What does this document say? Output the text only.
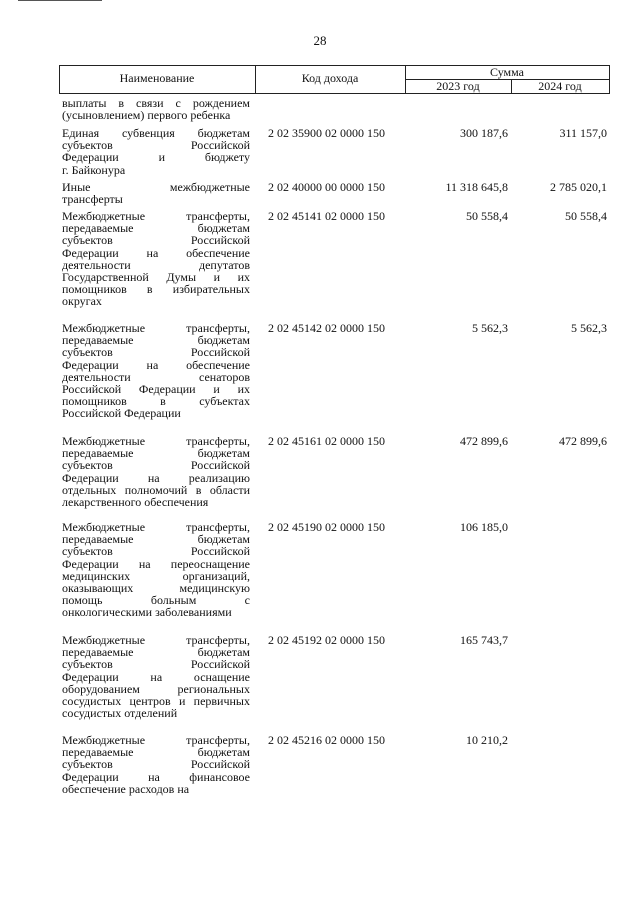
28
Наименование	Код дохода	Сумма
2023 год	2024 год
выплаты в связи с рождением
(усыновлением) первого ребенка
Единая субвенция бюджетам
субъектов Российской
Федерации и бюджету
г. Байконура
2 02 35900 02 0000 150	300 187,6	311 157,0
Иные межбюджетные
трансферты
2 02 40000 00 0000 150	11 318 645,8	2 785 020,1
Межбюджетные трансферты,
передаваемые бюджетам
субъектов Российской
Федерации на обеспечение
деятельности депутатов
Государственной Думы и их
помощников в избирательных
округах
2 02 45141 02 0000 150	50 558,4	50 558,4
Межбюджетные трансферты,
передаваемые бюджетам
субъектов Российской
Федерации на обеспечение
деятельности сенаторов
Российской Федерации и их
помощников в субъектах
Российской Федерации
2 02 45142 02 0000 150	5 562,3	5 562,3
Межбюджетные трансферты,
передаваемые бюджетам
субъектов Российской
Федерации на реализацию
отдельных полномочий в области
лекарственного обеспечения
2 02 45161 02 0000 150	472 899,6	472 899,6
Межбюджетные трансферты,
передаваемые бюджетам
субъектов Российской
Федерации на переоснащение
медицинских организаций,
оказывающих медицинскую
помощь больным с
онкологическими заболеваниями
2 02 45190 02 0000 150	106 185,0
Межбюджетные трансферты,
передаваемые бюджетам
субъектов Российской
Федерации на оснащение
оборудованием региональных
сосудистых центров и первичных
сосудистых отделений
2 02 45192 02 0000 150	165 743,7
Межбюджетные трансферты,
передаваемые бюджетам
субъектов Российской
Федерации на финансовое
обеспечение расходов на
2 02 45216 02 0000 150	10 210,2
